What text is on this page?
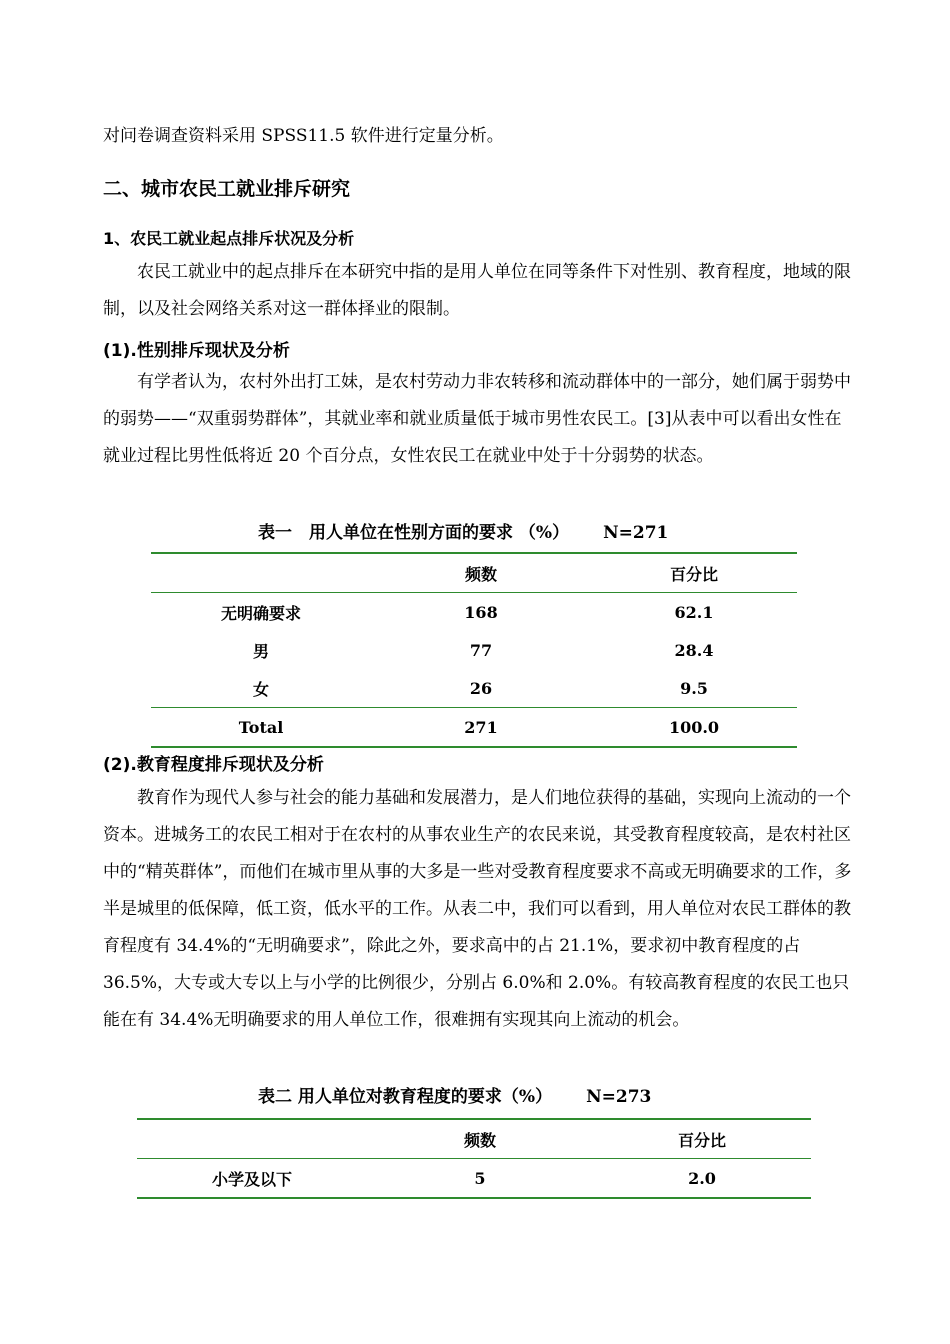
对问卷调查资料采用 SPSS11.5 软件进行定量分析。

二、城市农民工就业排斥研究
1、农民工就业起点排斥状况及分析

农民工就业中的起点排斥在本研究中指的是用人单位在同等条件下对性别、教育程度，地域的限制，以及社会网络关系对这一群体择业的限制。

(1).性别排斥现状及分析

有学者认为，农村外出打工妹，是农村劳动力非农转移和流动群体中的一部分，她们属于弱势中的弱势——“双重弱势群体”，其就业率和就业质量低于城市男性农民工。[3]从表中可以看出女性在就业过程比男性低将近 20 个百分点，女性农民工在就业中处于十分弱势的状态。

表一　用人单位在性别方面的要求 （%） N=271
	频数	百分比
无明确要求	168	62.1
男	77	28.4
女	26	9.5
Total	271	100.0
(2).教育程度排斥现状及分析

教育作为现代人参与社会的能力基础和发展潜力，是人们地位获得的基础，实现向上流动的一个资本。进城务工的农民工相对于在农村的从事农业生产的农民来说，其受教育程度较高，是农村社区中的“精英群体”，而他们在城市里从事的大多是一些对受教育程度要求不高或无明确要求的工作，多半是城里的低保障，低工资，低水平的工作。从表二中，我们可以看到，用人单位对农民工群体的教育程度有 34.4%的“无明确要求”，除此之外，要求高中的占 21.1%，要求初中教育程度的占 36.5%，大专或大专以上与小学的比例很少，分别占 6.0%和 2.0%。有较高教育程度的农民工也只能在有 34.4%无明确要求的用人单位工作，很难拥有实现其向上流动的机会。

表二 用人单位对教育程度的要求（%） N=273
	频数	百分比
小学及以下	5	2.0
